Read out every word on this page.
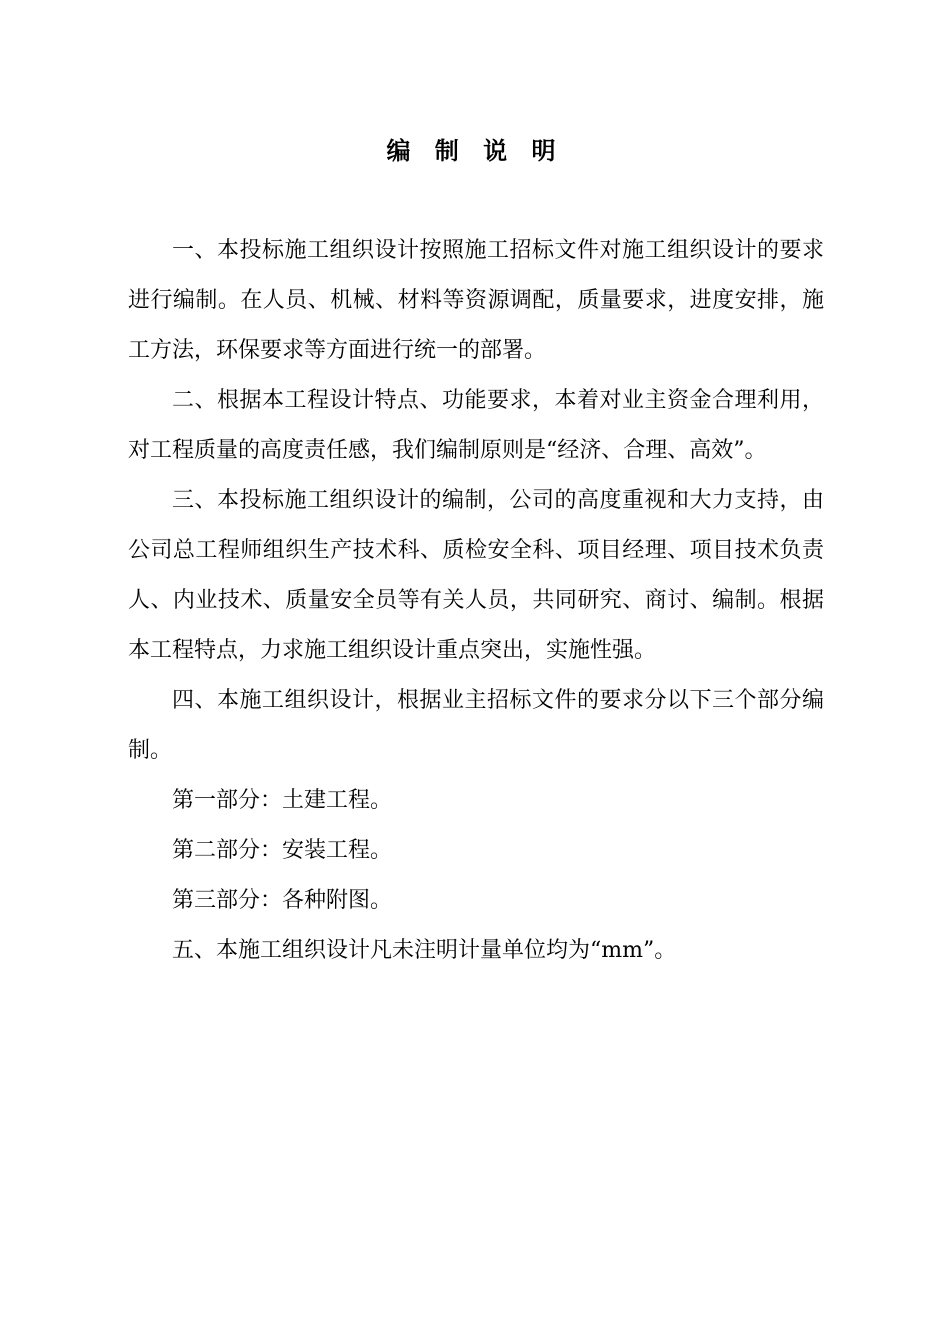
编 制 说 明

一、本投标施工组织设计按照施工招标文件对施工组织设计的要求进行编制。在人员、机械、材料等资源调配，质量要求，进度安排，施工方法，环保要求等方面进行统一的部署。

二、根据本工程设计特点、功能要求，本着对业主资金合理利用，对工程质量的高度责任感，我们编制原则是“经济、合理、高效”。

三、本投标施工组织设计的编制，公司的高度重视和大力支持，由公司总工程师组织生产技术科、质检安全科、项目经理、项目技术负责人、内业技术、质量安全员等有关人员，共同研究、商讨、编制。根据本工程特点，力求施工组织设计重点突出，实施性强。

四、本施工组织设计，根据业主招标文件的要求分以下三个部分编制。

第一部分：土建工程。

第二部分：安装工程。

第三部分：各种附图。

五、本施工组织设计凡未注明计量单位均为“mm”。
